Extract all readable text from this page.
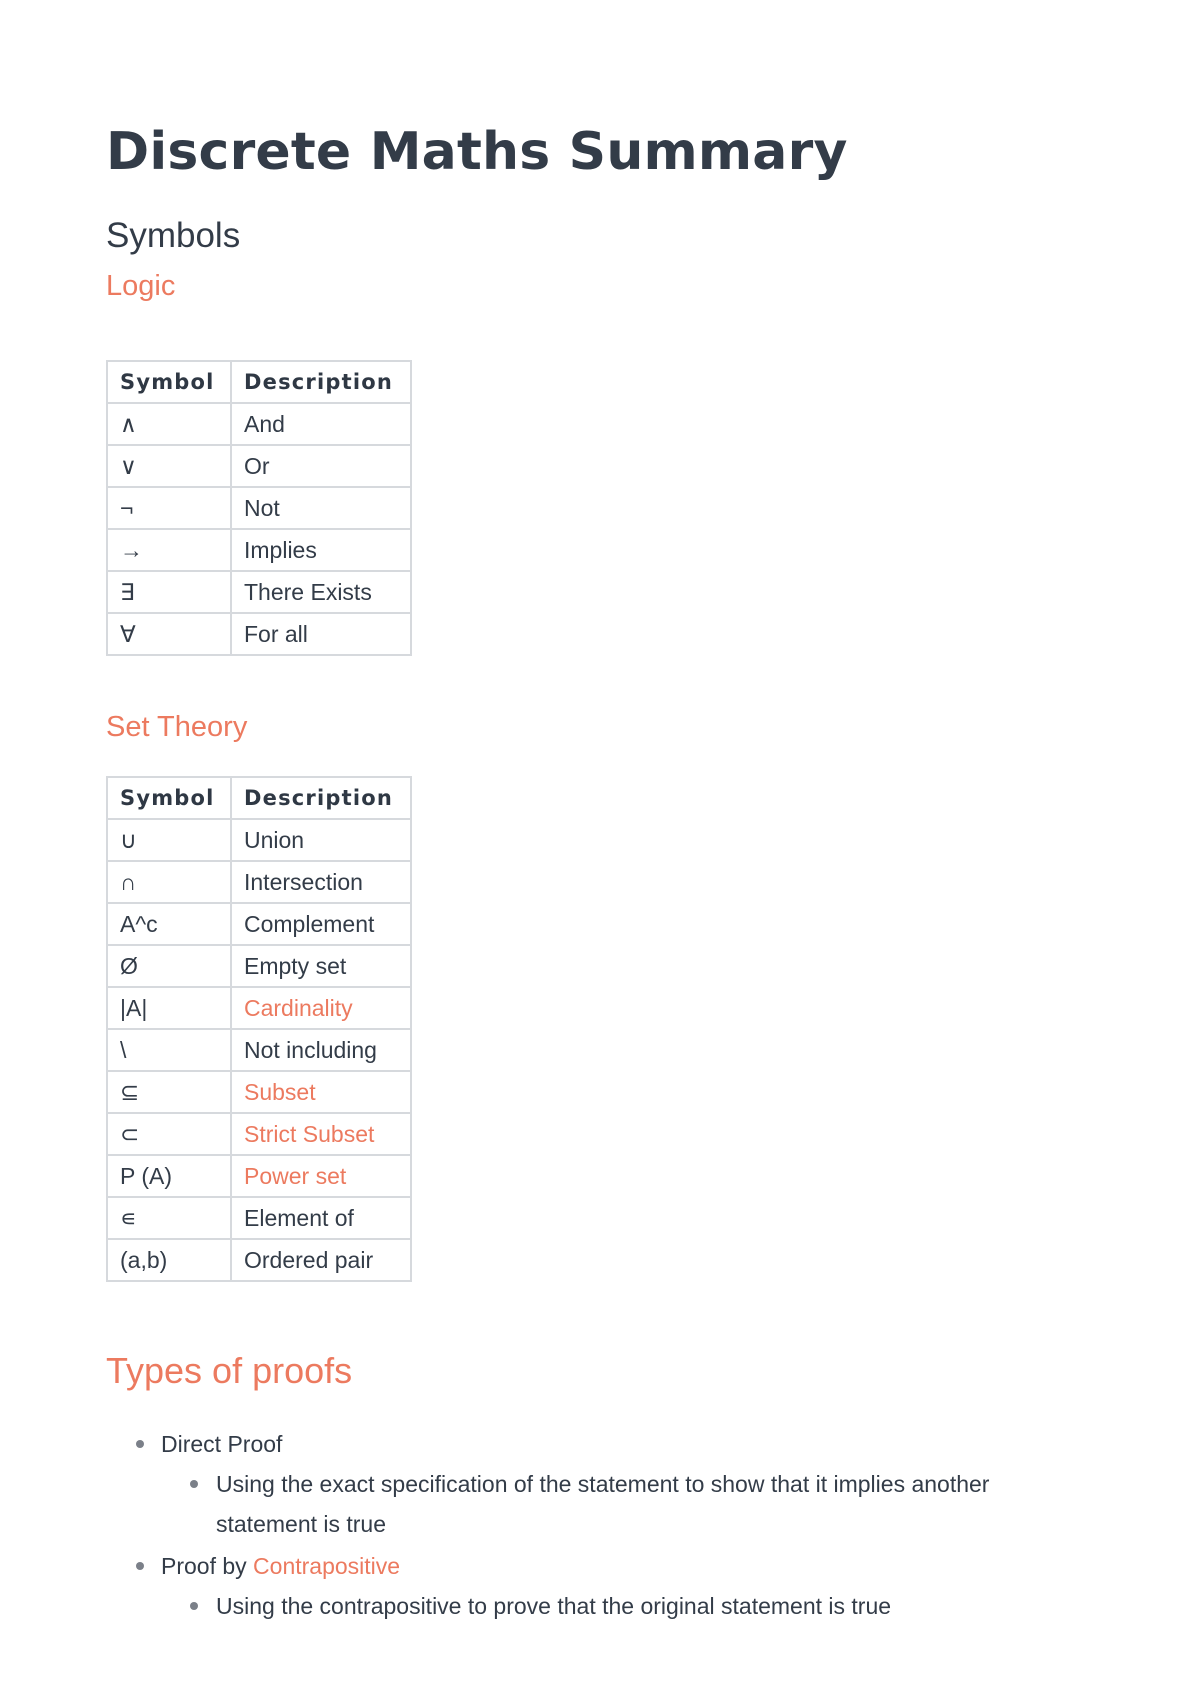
Discrete Maths Summary
Symbols
Logic
Symbol	Description
∧	And
∨	Or
¬	Not
→	Implies
∃	There Exists
∀	For all
Set Theory
Symbol	Description
∪	Union
∩	Intersection
A^c	Complement
Ø	Empty set
|A|	Cardinality
\	Not including
⊆	Subset
⊂	Strict Subset
P (A)	Power set
∊	Element of
(a,b)	Ordered pair
Types of proofs
Direct Proof
Using the exact specification of the statement to show that it implies another statement is true
Proof by Contrapositive
Using the contrapositive to prove that the original statement is true
